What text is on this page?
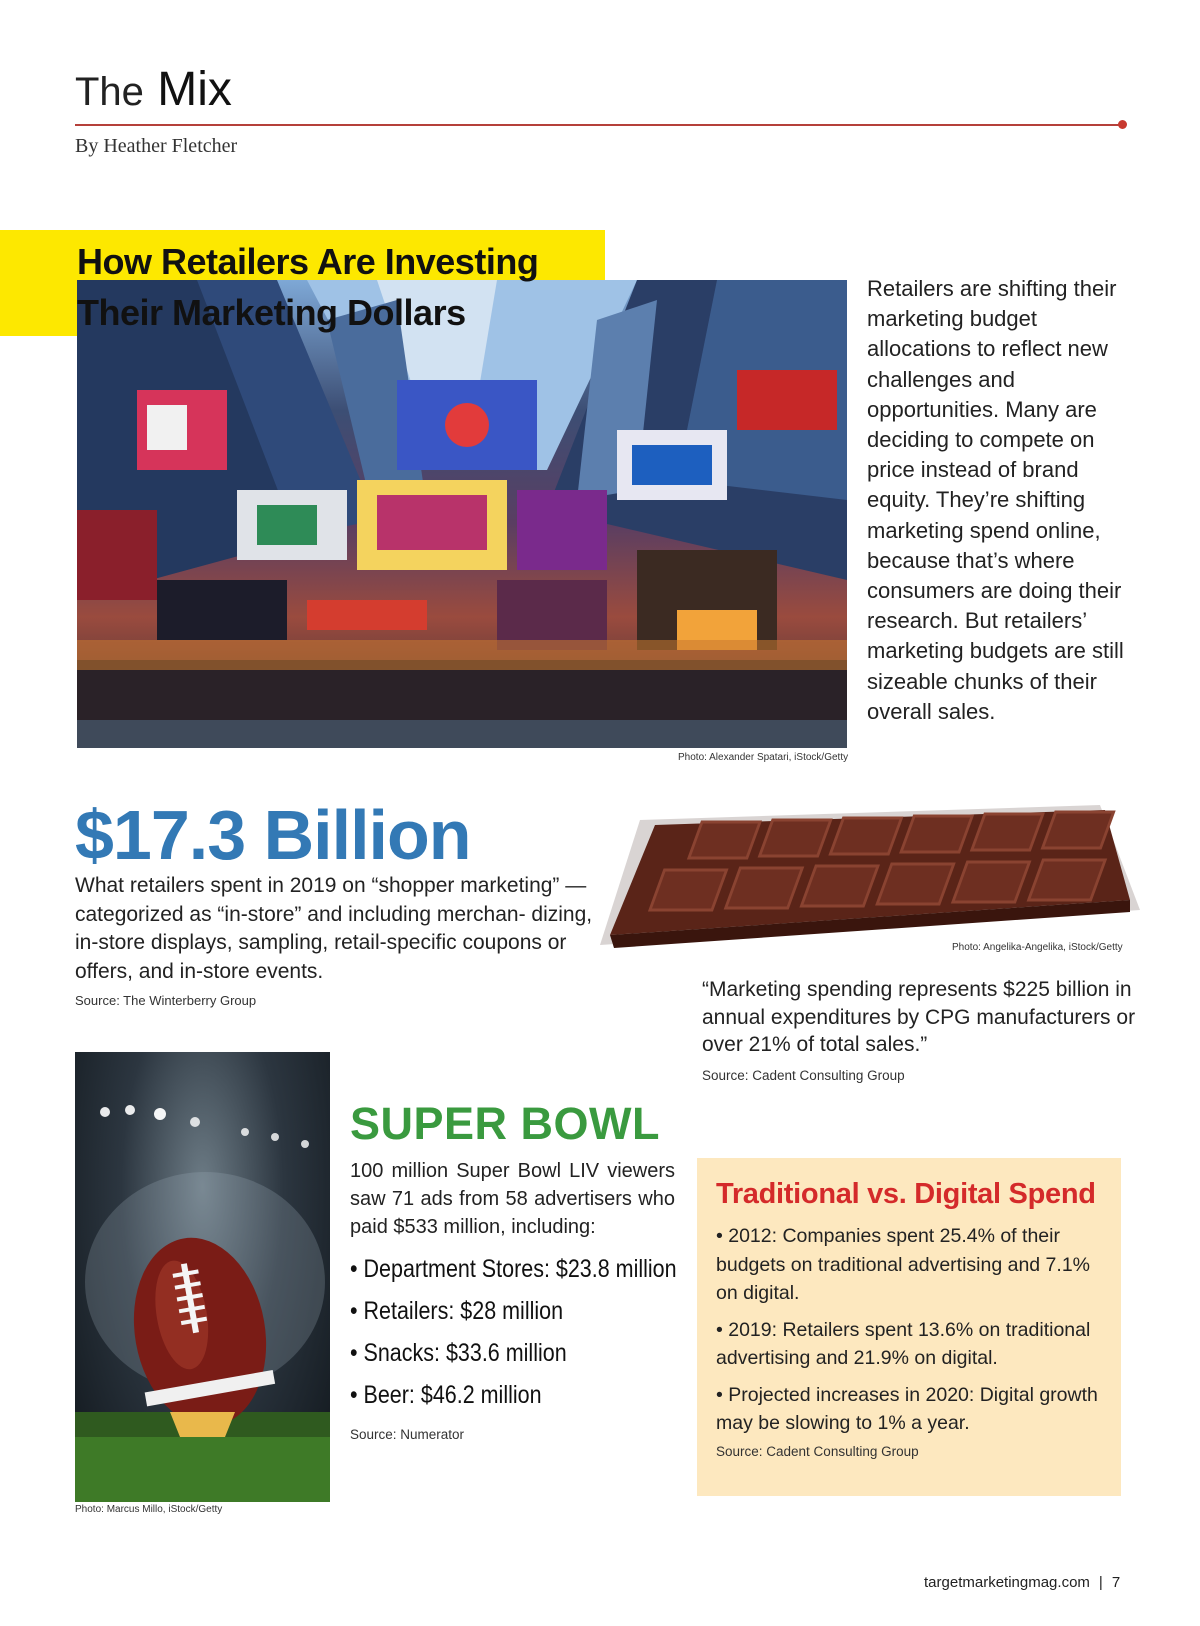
The Mix
By Heather Fletcher
How Retailers Are Investing
Their Marketing Dollars
Photo: Alexander Spatari, iStock/Getty
Retailers are shifting their marketing budget allocations to reflect new challenges and opportunities. Many are deciding to compete on price instead of brand equity. They’re shifting marketing spend online, because that’s where consumers are doing their research. But retailers’ marketing budgets are still sizeable chunks of their overall sales.
$17.3 Billion
What retailers spent in 2019 on “shopper marketing” — categorized as “in-store” and including merchan- dizing, in-store displays, sampling, retail-specific coupons or offers, and in-store events.
Source: The Winterberry Group
Photo: Angelika-Angelika, iStock/Getty
“Marketing spending represents $225 billion in annual expenditures by CPG manufacturers or over 21% of total sales.”
Source: Cadent Consulting Group
Photo: Marcus Millo, iStock/Getty
SUPER BOWL
100 million Super Bowl LIV viewers saw 71 ads from 58 advertisers who paid $533 million, including:
• Department Stores: $23.8 million
• Retailers: $28 million
• Snacks: $33.6 million
• Beer: $46.2 million
Source: Numerator
Traditional vs. Digital Spend
• 2012: Companies spent 25.4% of their budgets on traditional advertising and 7.1% on digital.
• 2019: Retailers spent 13.6% on traditional advertising and 21.9% on digital.
• Projected increases in 2020: Digital growth may be slowing to 1% a year.
Source: Cadent Consulting Group
targetmarketingmag.com | 7
